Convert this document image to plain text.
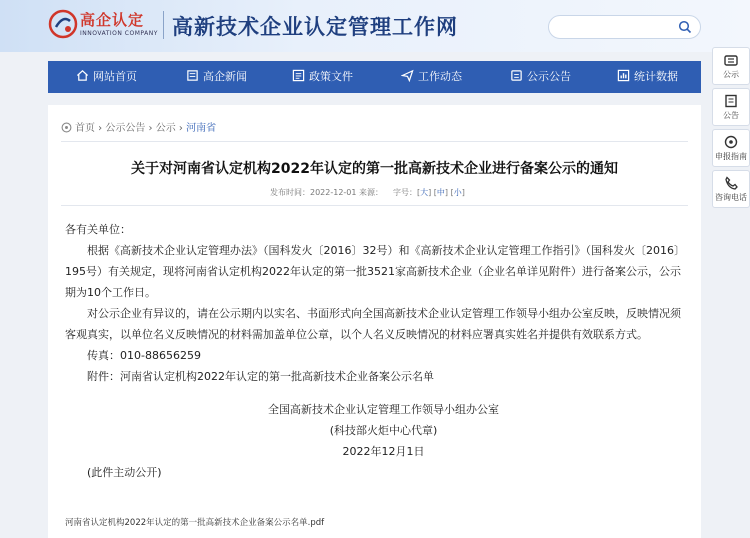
高企认定
INNOVATION COMPANY 高新技术企业认定管理工作网
网站首页	高企新闻	政策文件	工作动态	公示公告	统计数据
首页 › 公示公告 › 公示 › 河南省
关于对河南省认定机构2022年认定的第一批高新技术企业进行备案公示的通知
发布时间：2022-12-01 来源： 字号：[大] [中] [小]

各有关单位：

根据《高新技术企业认定管理办法》（国科发火〔2016〕32号）和《高新技术企业认定管理工作指引》（国科发火〔2016〕195号）有关规定，现将河南省认定机构2022年认定的第一批3521家高新技术企业（企业名单详见附件）进行备案公示，公示期为10个工作日。

对公示企业有异议的，请在公示期内以实名、书面形式向全国高新技术企业认定管理工作领导小组办公室反映，反映情况须客观真实，以单位名义反映情况的材料需加盖单位公章，以个人名义反映情况的材料应署真实姓名并提供有效联系方式。

传真：010-88656259

附件：河南省认定机构2022年认定的第一批高新技术企业备案公示名单

全国高新技术企业认定管理工作领导小组办公室

(科技部火炬中心代章)

2022年12月1日

(此件主动公开)

河南省认定机构2022年认定的第一批高新技术企业备案公示名单.pdf
公示
公告
申报指南
咨询电话
